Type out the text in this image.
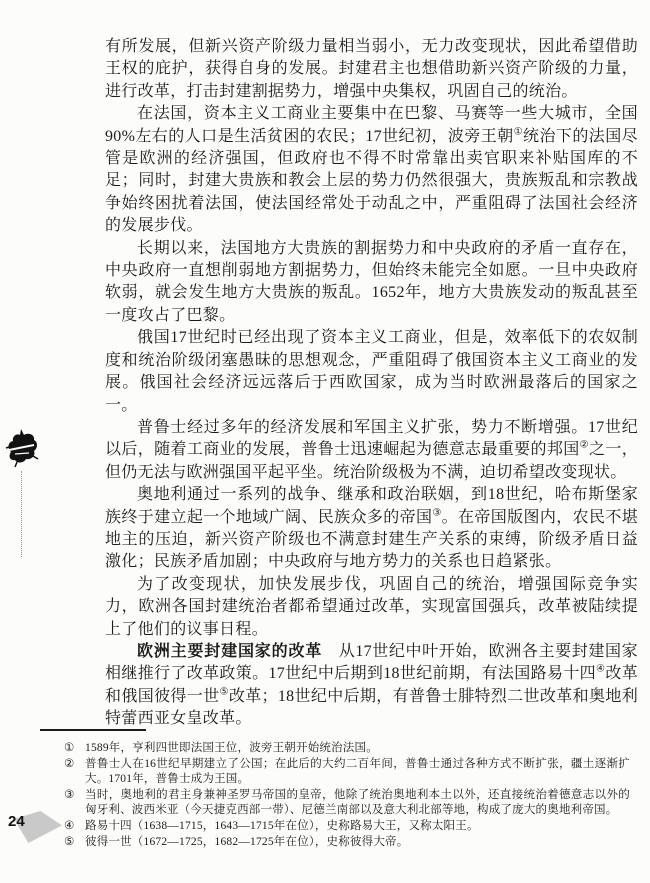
有所发展，但新兴资产阶级力量相当弱小，无力改变现状，因此希望借助王权的庇护，获得自身的发展。封建君主也想借助新兴资产阶级的力量，进行改革，打击封建割据势力，增强中央集权，巩固自己的统治。

在法国，资本主义工商业主要集中在巴黎、马赛等一些大城市，全国90%左右的人口是生活贫困的农民；17世纪初，波旁王朝①统治下的法国尽管是欧洲的经济强国，但政府也不得不时常靠出卖官职来补贴国库的不足；同时，封建大贵族和教会上层的势力仍然很强大，贵族叛乱和宗教战争始终困扰着法国，使法国经常处于动乱之中，严重阻碍了法国社会经济的发展步伐。

长期以来，法国地方大贵族的割据势力和中央政府的矛盾一直存在，中央政府一直想削弱地方割据势力，但始终未能完全如愿。一旦中央政府软弱，就会发生地方大贵族的叛乱。1652年，地方大贵族发动的叛乱甚至一度攻占了巴黎。

俄国17世纪时已经出现了资本主义工商业，但是，效率低下的农奴制度和统治阶级闭塞愚昧的思想观念，严重阻碍了俄国资本主义工商业的发展。俄国社会经济远远落后于西欧国家，成为当时欧洲最落后的国家之一。

普鲁士经过多年的经济发展和军国主义扩张，势力不断增强。17世纪以后，随着工商业的发展，普鲁士迅速崛起为德意志最重要的邦国②之一，但仍无法与欧洲强国平起平坐。统治阶级极为不满，迫切希望改变现状。

奥地利通过一系列的战争、继承和政治联姻，到18世纪，哈布斯堡家族终于建立起一个地域广阔、民族众多的帝国③。在帝国版图内，农民不堪地主的压迫，新兴资产阶级也不满意封建生产关系的束缚，阶级矛盾日益激化；民族矛盾加剧；中央政府与地方势力的关系也日趋紧张。

为了改变现状，加快发展步伐，巩固自己的统治，增强国际竞争实力，欧洲各国封建统治者都希望通过改革，实现富国强兵，改革被陆续提上了他们的议事日程。

欧洲主要封建国家的改革　从17世纪中叶开始，欧洲各主要封建国家相继推行了改革政策。17世纪中后期到18世纪前期，有法国路易十四④改革和俄国彼得一世⑤改革；18世纪中后期，有普鲁士腓特烈二世改革和奥地利特蕾西亚女皇改革。

① 1589年，亨利四世即法国王位，波旁王朝开始统治法国。
② 普鲁士人在16世纪早期建立了公国；在此后的大约二百年间，普鲁士通过各种方式不断扩张，疆土逐渐扩大。1701年，普鲁士成为王国。
③ 当时，奥地利的君主身兼神圣罗马帝国的皇帝，他除了统治奥地利本土以外，还直接统治着德意志以外的匈牙利、波西米亚（今天捷克西部一带）、尼德兰南部以及意大利北部等地，构成了庞大的奥地利帝国。
④ 路易十四（1638—1715，1643—1715年在位），史称路易大王，又称太阳王。
⑤ 彼得一世（1672—1725，1682—1725年在位），史称彼得大帝。
24
